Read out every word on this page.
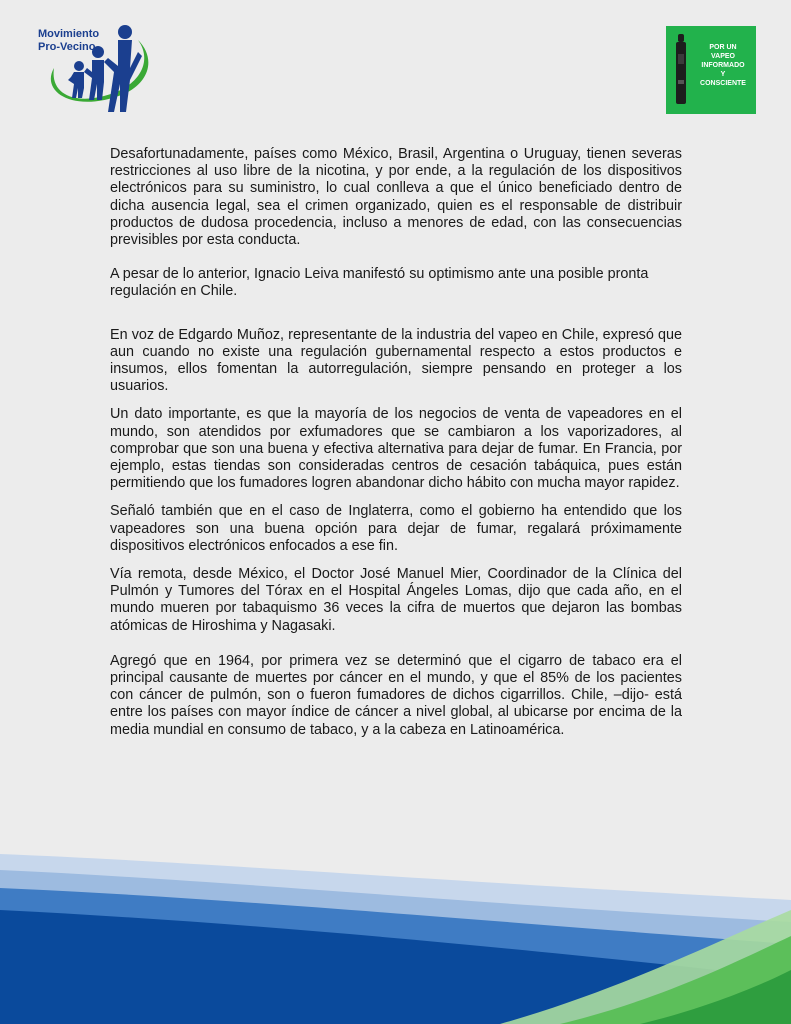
Movimiento
Pro-Vecino	POR UN
VAPEO
INFORMADO
Y
CONSCIENTE

Desafortunadamente, países como México, Brasil, Argentina o Uruguay, tienen severas restricciones al uso libre de la nicotina, y por ende, a la regulación de los dispositivos electrónicos para su suministro, lo cual conlleva a que el único beneficiado dentro de dicha ausencia legal, sea el crimen organizado, quien es el responsable de distribuir productos de dudosa procedencia, incluso a menores de edad, con las consecuencias previsibles por esta conducta.

A pesar de lo anterior, Ignacio Leiva manifestó su optimismo ante una posible pronta regulación en Chile.

En voz de Edgardo Muñoz, representante de la industria del vapeo en Chile, expresó que aun cuando no existe una regulación gubernamental respecto a estos productos e insumos, ellos fomentan la autorregulación, siempre pensando en proteger a los usuarios.

Un dato importante, es que la mayoría de los negocios de venta de vapeadores en el mundo, son atendidos por exfumadores que se cambiaron a los vaporizadores, al comprobar que son una buena y efectiva alternativa para dejar de fumar. En Francia, por ejemplo, estas tiendas son consideradas centros de cesación tabáquica, pues están permitiendo que los fumadores logren abandonar dicho hábito con mucha mayor rapidez.

Señaló también que en el caso de Inglaterra, como el gobierno ha entendido que los vapeadores son una buena opción para dejar de fumar, regalará próximamente dispositivos electrónicos enfocados a ese fin.

Vía remota, desde México, el Doctor José Manuel Mier, Coordinador de la Clínica del Pulmón y Tumores del Tórax en el Hospital Ángeles Lomas, dijo que cada año, en el mundo mueren por tabaquismo 36 veces la cifra de muertos que dejaron las bombas atómicas de Hiroshima y Nagasaki.

Agregó que en 1964, por primera vez se determinó que el cigarro de tabaco era el principal causante de muertes por cáncer en el mundo, y que el 85% de los pacientes con cáncer de pulmón, son o fueron fumadores de dichos cigarrillos. Chile, –dijo- está entre los países con mayor índice de cáncer a nivel global, al ubicarse por encima de la media mundial en consumo de tabaco, y a la cabeza en Latinoamérica.
